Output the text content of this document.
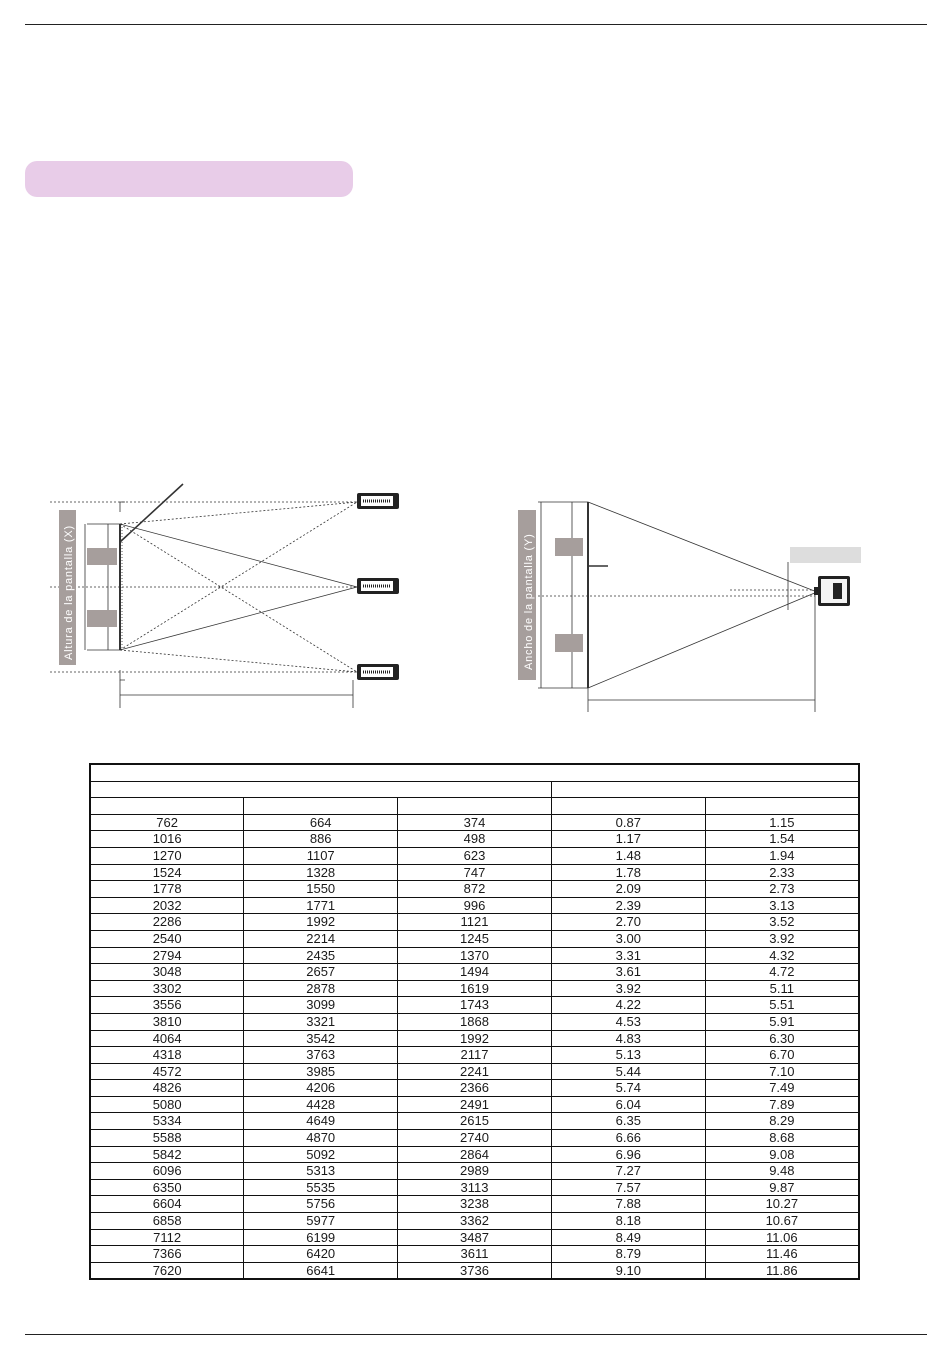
Altura de la pantalla (X)	Ancho de la pantalla (Y)

762	664	374	0.87	1.15
1016	886	498	1.17	1.54
1270	1107	623	1.48	1.94
1524	1328	747	1.78	2.33
1778	1550	872	2.09	2.73
2032	1771	996	2.39	3.13
2286	1992	1121	2.70	3.52
2540	2214	1245	3.00	3.92
2794	2435	1370	3.31	4.32
3048	2657	1494	3.61	4.72
3302	2878	1619	3.92	5.11
3556	3099	1743	4.22	5.51
3810	3321	1868	4.53	5.91
4064	3542	1992	4.83	6.30
4318	3763	2117	5.13	6.70
4572	3985	2241	5.44	7.10
4826	4206	2366	5.74	7.49
5080	4428	2491	6.04	7.89
5334	4649	2615	6.35	8.29
5588	4870	2740	6.66	8.68
5842	5092	2864	6.96	9.08
6096	5313	2989	7.27	9.48
6350	5535	3113	7.57	9.87
6604	5756	3238	7.88	10.27
6858	5977	3362	8.18	10.67
7112	6199	3487	8.49	11.06
7366	6420	3611	8.79	11.46
7620	6641	3736	9.10	11.86
